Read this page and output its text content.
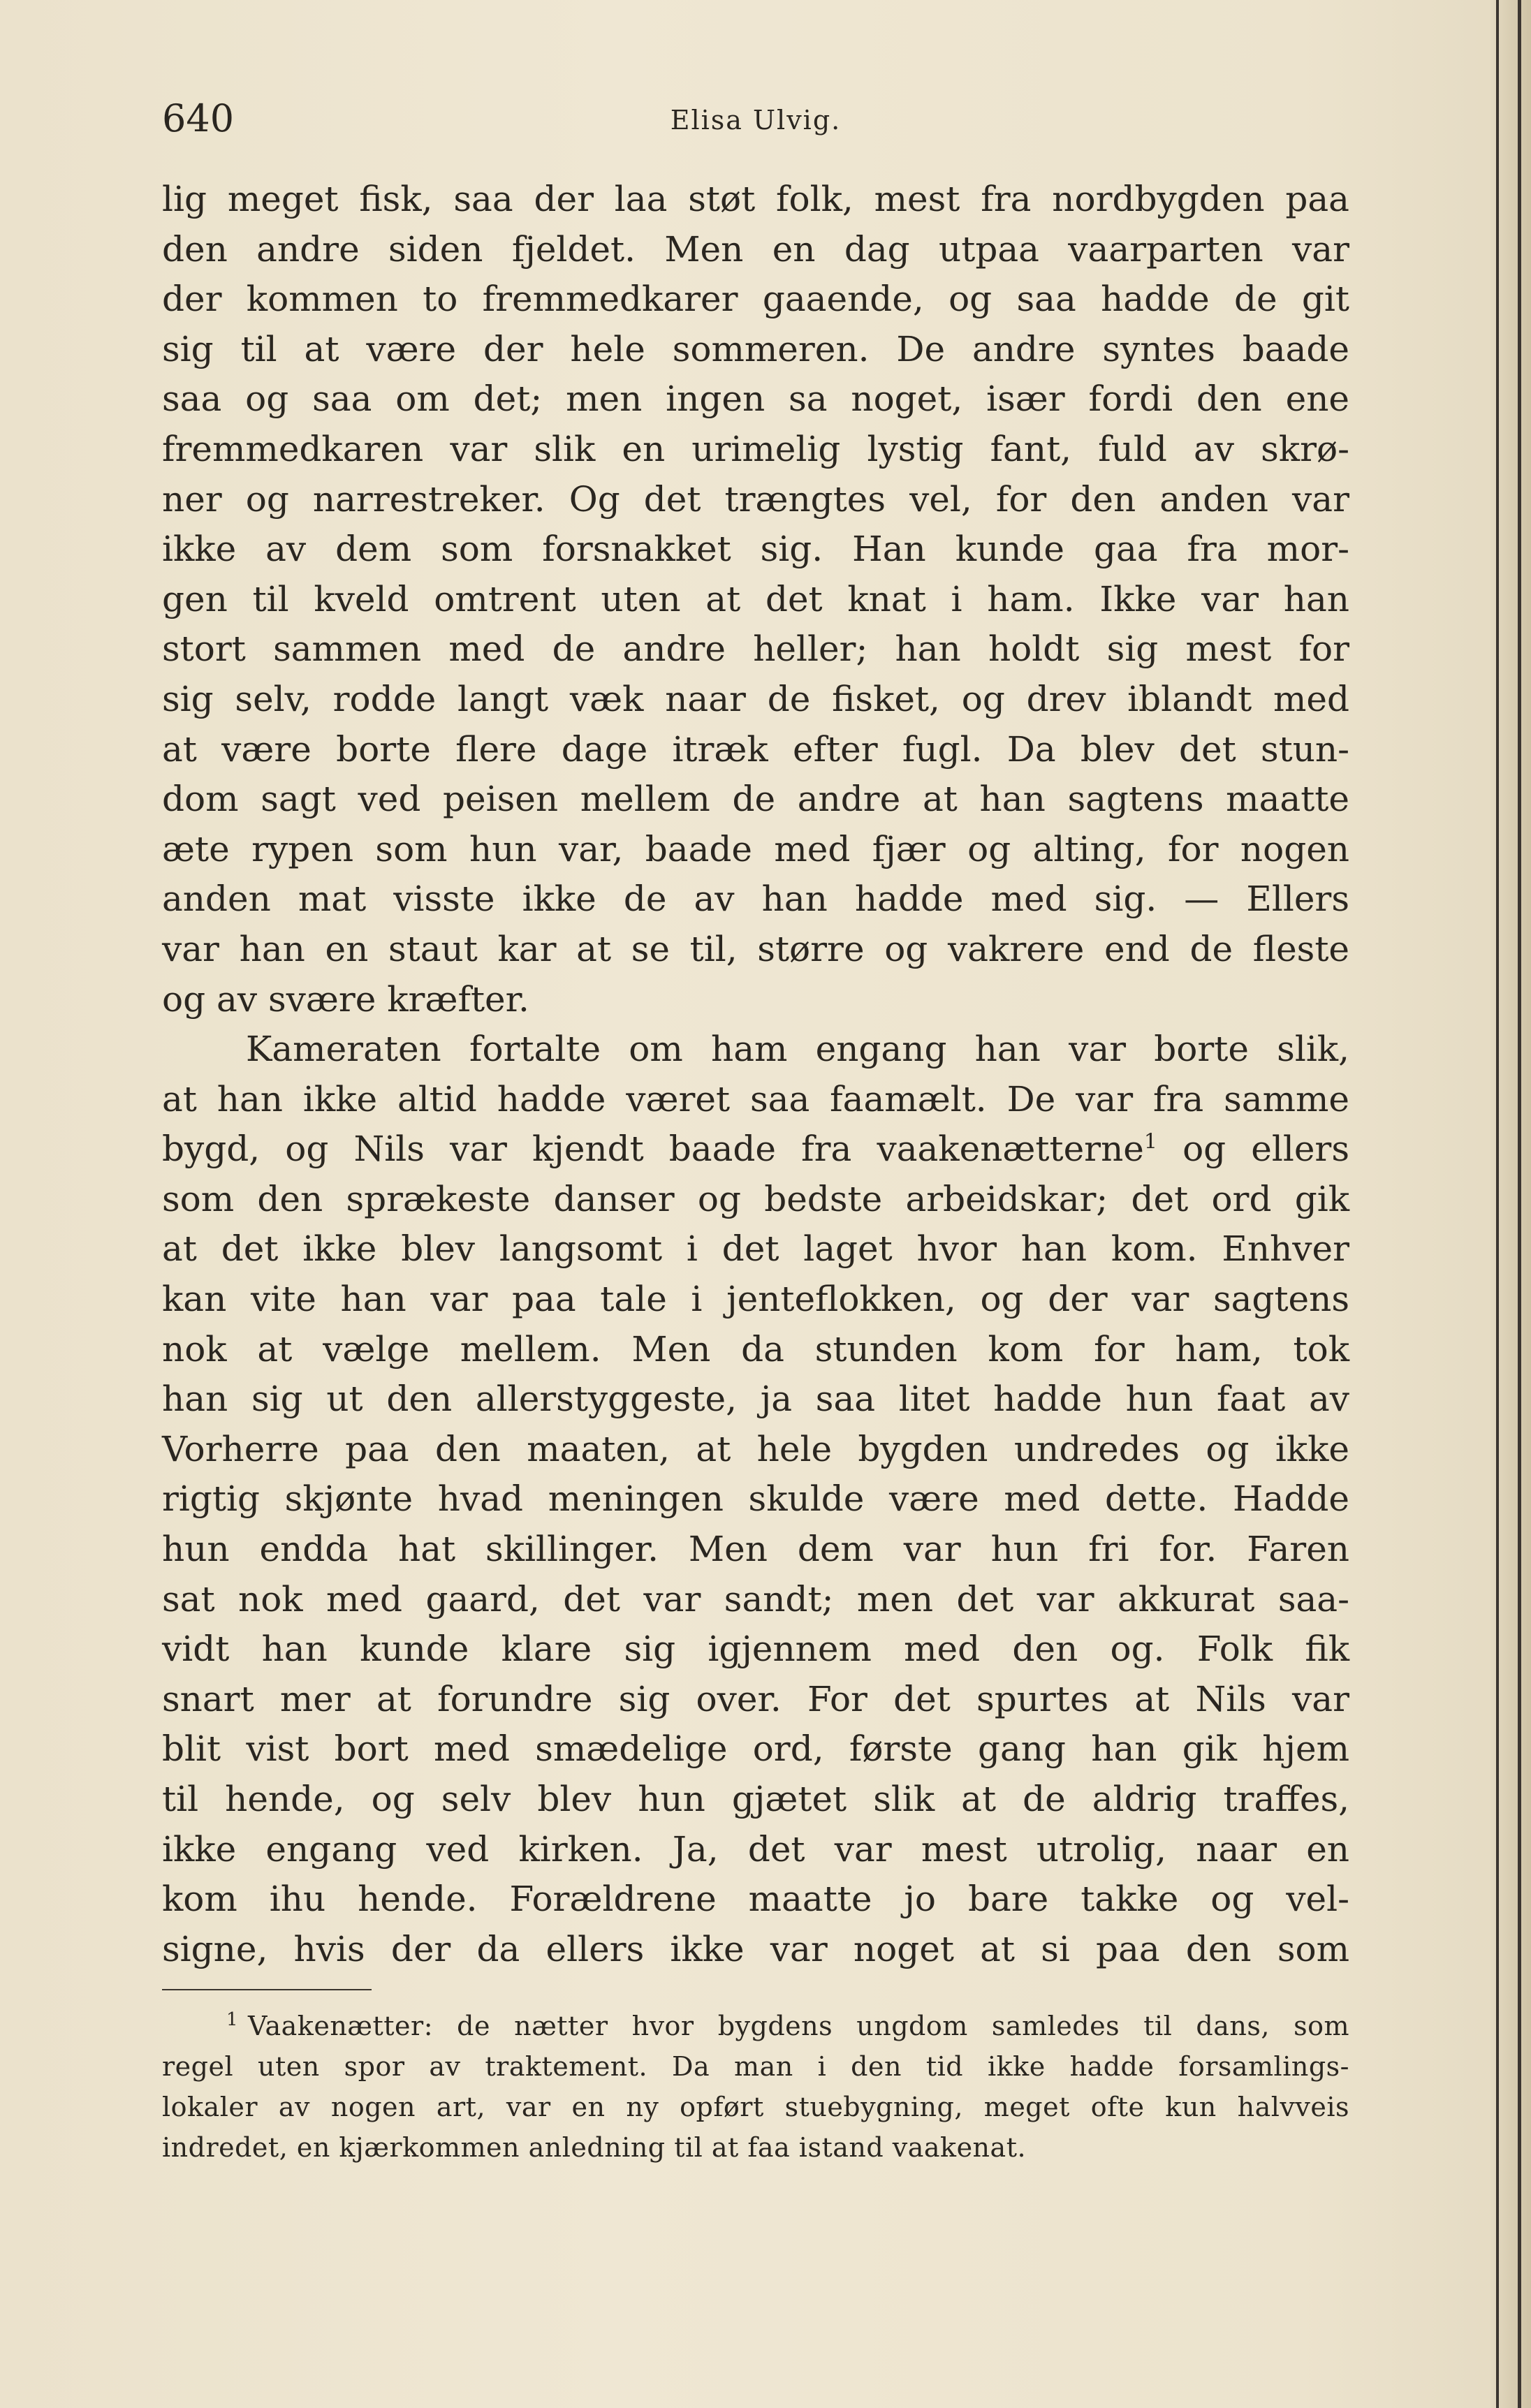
640	Elisa Ulvig.
lig meget fisk, saa der laa støt folk, mest fra nordbygden paa
den andre siden fjeldet. Men en dag utpaa vaarparten var
der kommen to fremmedkarer gaaende, og saa hadde de git
sig til at være der hele sommeren. De andre syntes baade
saa og saa om det; men ingen sa noget, især fordi den ene
fremmedkaren var slik en urimelig lystig fant, fuld av skrø-
ner og narrestreker. Og det trængtes vel, for den anden var
ikke av dem som forsnakket sig. Han kunde gaa fra mor-
gen til kveld omtrent uten at det knat i ham. Ikke var han
stort sammen med de andre heller; han holdt sig mest for
sig selv, rodde langt væk naar de fisket, og drev iblandt med
at være borte flere dage itræk efter fugl. Da blev det stun-
dom sagt ved peisen mellem de andre at han sagtens maatte
æte rypen som hun var, baade med fjær og alting, for nogen
anden mat visste ikke de av han hadde med sig. — Ellers
var han en staut kar at se til, større og vakrere end de fleste
og av svære kræfter.
Kameraten fortalte om ham engang han var borte slik,
at han ikke altid hadde været saa faamælt. De var fra samme
bygd, og Nils var kjendt baade fra vaakenætterne$^1$ og ellers
som den sprækeste danser og bedste arbeidskar; det ord gik
at det ikke blev langsomt i det laget hvor han kom. Enhver
kan vite han var paa tale i jenteflokken, og der var sagtens
nok at vælge mellem. Men da stunden kom for ham, tok
han sig ut den allerstyggeste, ja saa litet hadde hun faat av
Vorherre paa den maaten, at hele bygden undredes og ikke
rigtig skjønte hvad meningen skulde være med dette. Hadde
hun endda hat skillinger. Men dem var hun fri for. Faren
sat nok med gaard, det var sandt; men det var akkurat saa-
vidt han kunde klare sig igjennem med den og. Folk fik
snart mer at forundre sig over. For det spurtes at Nils var
blit vist bort med smædelige ord, første gang han gik hjem
til hende, og selv blev hun gjætet slik at de aldrig traffes,
ikke engang ved kirken. Ja, det var mest utrolig, naar en
kom ihu hende. Forældrene maatte jo bare takke og vel-
signe, hvis der da ellers ikke var noget at si paa den som
$^1$ Vaakenætter: de nætter hvor bygdens ungdom samledes til dans, som
regel uten spor av traktement. Da man i den tid ikke hadde forsamlings-
lokaler av nogen art, var en ny opført stuebygning, meget ofte kun halvveis
indredet, en kjærkommen anledning til at faa istand vaakenat.
